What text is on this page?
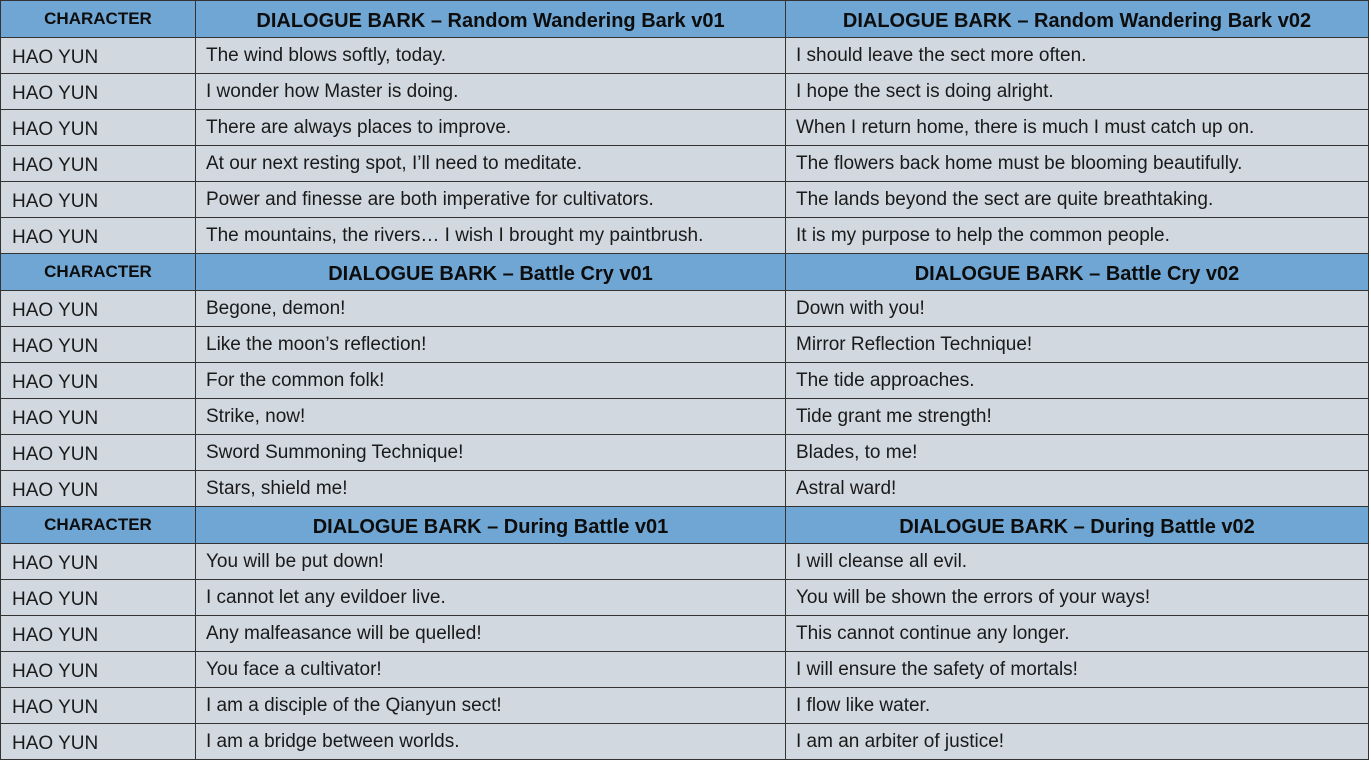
CHARACTER	DIALOGUE BARK – Random Wandering Bark v01	DIALOGUE BARK – Random Wandering Bark v02
HAO YUN	The wind blows softly, today.	I should leave the sect more often.
HAO YUN	I wonder how Master is doing.	I hope the sect is doing alright.
HAO YUN	There are always places to improve.	When I return home, there is much I must catch up on.
HAO YUN	At our next resting spot, I’ll need to meditate.	The flowers back home must be blooming beautifully.
HAO YUN	Power and finesse are both imperative for cultivators.	The lands beyond the sect are quite breathtaking.
HAO YUN	The mountains, the rivers… I wish I brought my paintbrush.	It is my purpose to help the common people.
CHARACTER	DIALOGUE BARK – Battle Cry v01	DIALOGUE BARK – Battle Cry v02
HAO YUN	Begone, demon!	Down with you!
HAO YUN	Like the moon’s reflection!	Mirror Reflection Technique!
HAO YUN	For the common folk!	The tide approaches.
HAO YUN	Strike, now!	Tide grant me strength!
HAO YUN	Sword Summoning Technique!	Blades, to me!
HAO YUN	Stars, shield me!	Astral ward!
CHARACTER	DIALOGUE BARK – During Battle v01	DIALOGUE BARK – During Battle v02
HAO YUN	You will be put down!	I will cleanse all evil.
HAO YUN	I cannot let any evildoer live.	You will be shown the errors of your ways!
HAO YUN	Any malfeasance will be quelled!	This cannot continue any longer.
HAO YUN	You face a cultivator!	I will ensure the safety of mortals!
HAO YUN	I am a disciple of the Qianyun sect!	I flow like water.
HAO YUN	I am a bridge between worlds.	I am an arbiter of justice!
